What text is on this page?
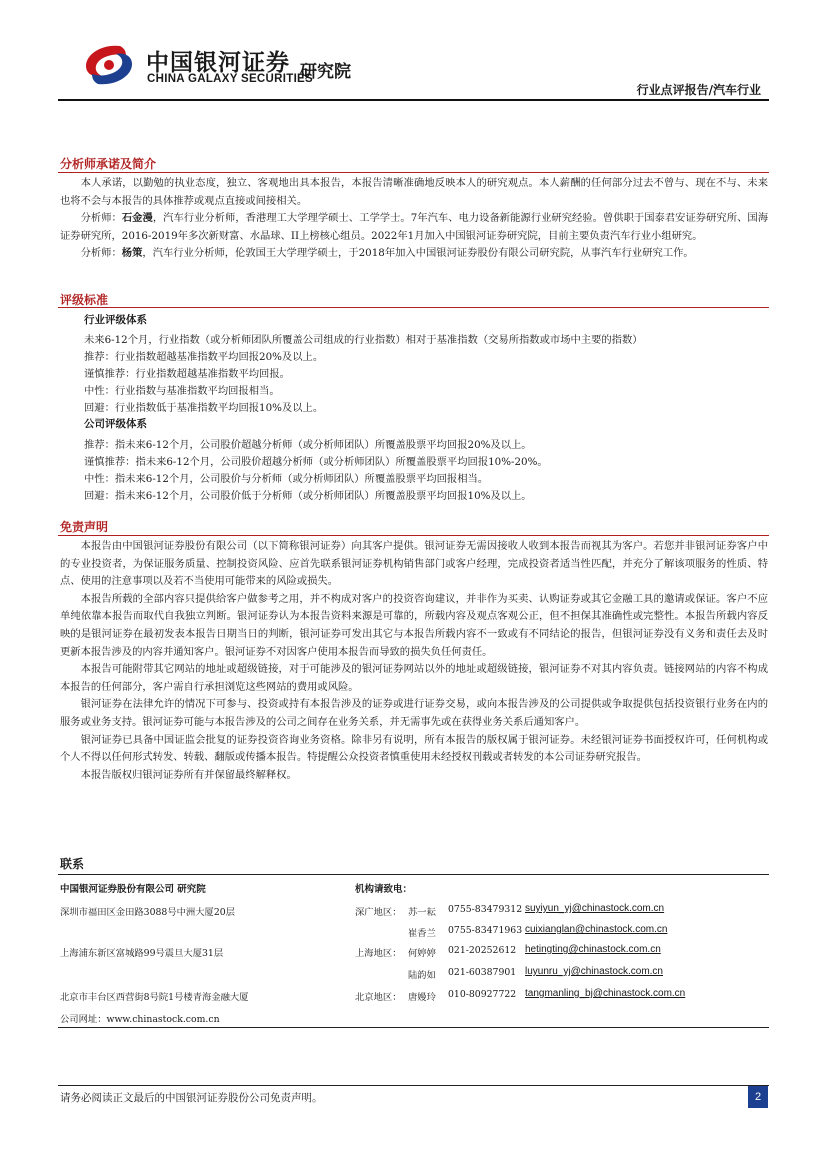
中国银河证券
CHINA GALAXY SECURITIES
研究院
行业点评报告/汽车行业
分析师承诺及简介

本人承诺，以勤勉的执业态度，独立、客观地出具本报告，本报告清晰准确地反映本人的研究观点。本人薪酬的任何部分过去不曾与、现在不与、未来也将不会与本报告的具体推荐或观点直接或间接相关。

分析师：石金漫，汽车行业分析师，香港理工大学理学硕士、工学学士。7年汽车、电力设备新能源行业研究经验。曾供职于国泰君安证券研究所、国海证券研究所，2016-2019年多次新财富、水晶球、II上榜核心组员。2022年1月加入中国银河证券研究院，目前主要负责汽车行业小组研究。

分析师：杨策，汽车行业分析师，伦敦国王大学理学硕士，于2018年加入中国银河证券股份有限公司研究院，从事汽车行业研究工作。

评级标准
行业评级体系
未来6-12个月，行业指数（或分析师团队所覆盖公司组成的行业指数）相对于基准指数（交易所指数或市场中主要的指数）
推荐：行业指数超越基准指数平均回报20%及以上。
谨慎推荐：行业指数超越基准指数平均回报。
中性：行业指数与基准指数平均回报相当。
回避：行业指数低于基准指数平均回报10%及以上。
公司评级体系
推荐：指未来6-12个月，公司股价超越分析师（或分析师团队）所覆盖股票平均回报20%及以上。
谨慎推荐：指未来6-12个月，公司股价超越分析师（或分析师团队）所覆盖股票平均回报10%-20%。
中性：指未来6-12个月，公司股价与分析师（或分析师团队）所覆盖股票平均回报相当。
回避：指未来6-12个月，公司股价低于分析师（或分析师团队）所覆盖股票平均回报10%及以上。
免责声明

本报告由中国银河证券股份有限公司（以下简称银河证券）向其客户提供。银河证券无需因接收人收到本报告而视其为客户。若您并非银河证券客户中的专业投资者，为保证服务质量、控制投资风险、应首先联系银河证券机构销售部门或客户经理，完成投资者适当性匹配，并充分了解该项服务的性质、特点、使用的注意事项以及若不当使用可能带来的风险或损失。

本报告所载的全部内容只提供给客户做参考之用，并不构成对客户的投资咨询建议，并非作为买卖、认购证券或其它金融工具的邀请或保证。客户不应单纯依靠本报告而取代自我独立判断。银河证券认为本报告资料来源是可靠的，所载内容及观点客观公正，但不担保其准确性或完整性。本报告所载内容反映的是银河证券在最初发表本报告日期当日的判断，银河证券可发出其它与本报告所载内容不一致或有不同结论的报告，但银河证券没有义务和责任去及时更新本报告涉及的内容并通知客户。银河证券不对因客户使用本报告而导致的损失负任何责任。

本报告可能附带其它网站的地址或超级链接，对于可能涉及的银河证券网站以外的地址或超级链接，银河证券不对其内容负责。链接网站的内容不构成本报告的任何部分，客户需自行承担浏览这些网站的费用或风险。

银河证券在法律允许的情况下可参与、投资或持有本报告涉及的证券或进行证券交易，或向本报告涉及的公司提供或争取提供包括投资银行业务在内的服务或业务支持。银河证券可能与本报告涉及的公司之间存在业务关系，并无需事先或在获得业务关系后通知客户。

银河证券已具备中国证监会批复的证券投资咨询业务资格。除非另有说明，所有本报告的版权属于银河证券。未经银河证券书面授权许可，任何机构或个人不得以任何形式转发、转载、翻版或传播本报告。特提醒公众投资者慎重使用未经授权刊载或者转发的本公司证券研究报告。

本报告版权归银河证券所有并保留最终解释权。

联系
中国银河证券股份有限公司 研究院	机构请致电：
深圳市福田区金田路3088号中洲大厦20层
上海浦东新区富城路99号震旦大厦31层
北京市丰台区西营街8号院1号楼青海金融大厦
公司网址：www.chinastock.com.cn
深广地区： 苏一耘 0755-83479312 suyiyun_yj@chinastock.com.cn
崔香兰 0755-83471963 cuixianglan@chinastock.com.cn
上海地区： 何婷婷 021-20252612 hetingting@chinastock.com.cn
陆韵如 021-60387901 luyunru_yj@chinastock.com.cn
北京地区： 唐嫚玲 010-80927722 tangmanling_bj@chinastock.com.cn
请务必阅读正文最后的中国银河证券股份公司免责声明。	2
